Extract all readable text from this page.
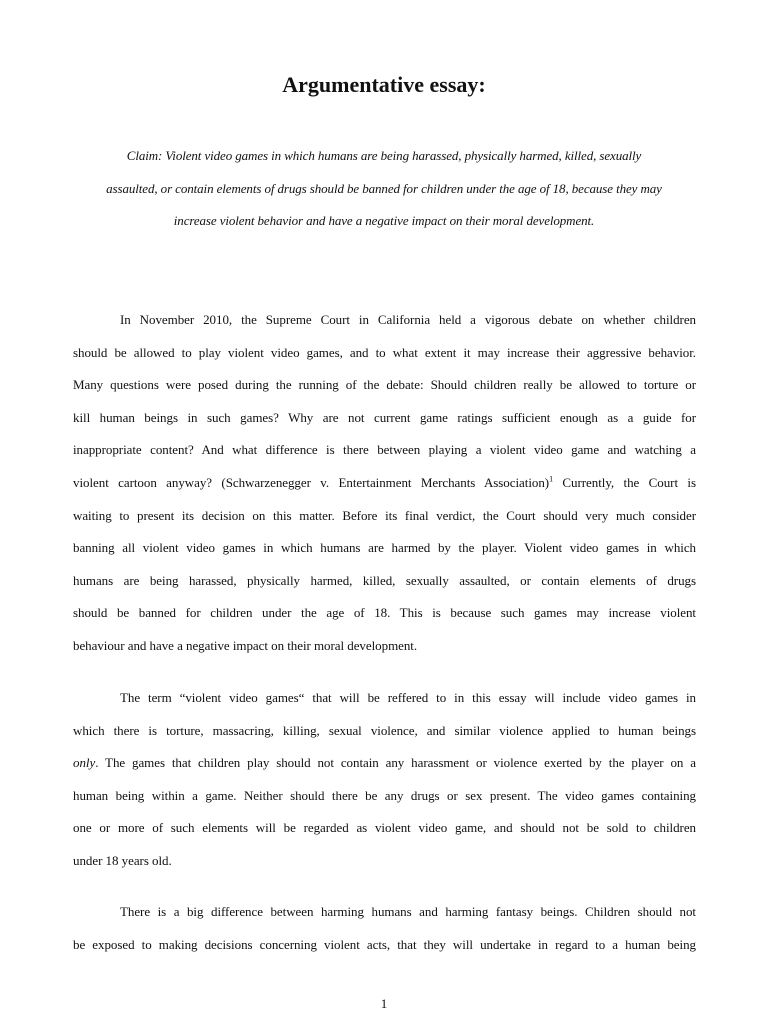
Argumentative essay:
Claim: Violent video games in which humans are being harassed, physically harmed, killed, sexually
assaulted, or contain elements of drugs should be banned for children under the age of 18, because they may
increase violent behavior and have a negative impact on their moral development.
In November 2010, the Supreme Court in California held a vigorous debate on whether children
should be allowed to play violent video games, and to what extent it may increase their aggressive behavior.
Many questions were posed during the running of the debate: Should children really be allowed to torture or
kill human beings in such games? Why are not current game ratings sufficient enough as a guide for
inappropriate content? And what difference is there between playing a violent video game and watching a
violent cartoon anyway? (Schwarzenegger v. Entertainment Merchants Association)$^1$ Currently, the Court is
waiting to present its decision on this matter. Before its final verdict, the Court should very much consider
banning all violent video games in which humans are harmed by the player. Violent video games in which
humans are being harassed, physically harmed, killed, sexually assaulted, or contain elements of drugs
should be banned for children under the age of 18. This is because such games may increase violent
behaviour and have a negative impact on their moral development.
The term “violent video games“ that will be reffered to in this essay will include video games in
which there is torture, massacring, killing, sexual violence, and similar violence applied to human beings
only. The games that children play should not contain any harassment or violence exerted by the player on a
human being within a game. Neither should there be any drugs or sex present. The video games containing
one or more of such elements will be regarded as violent video game, and should not be sold to children
under 18 years old.
There is a big difference between harming humans and harming fantasy beings. Children should not
be exposed to making decisions concerning violent acts, that they will undertake in regard to a human being
1
